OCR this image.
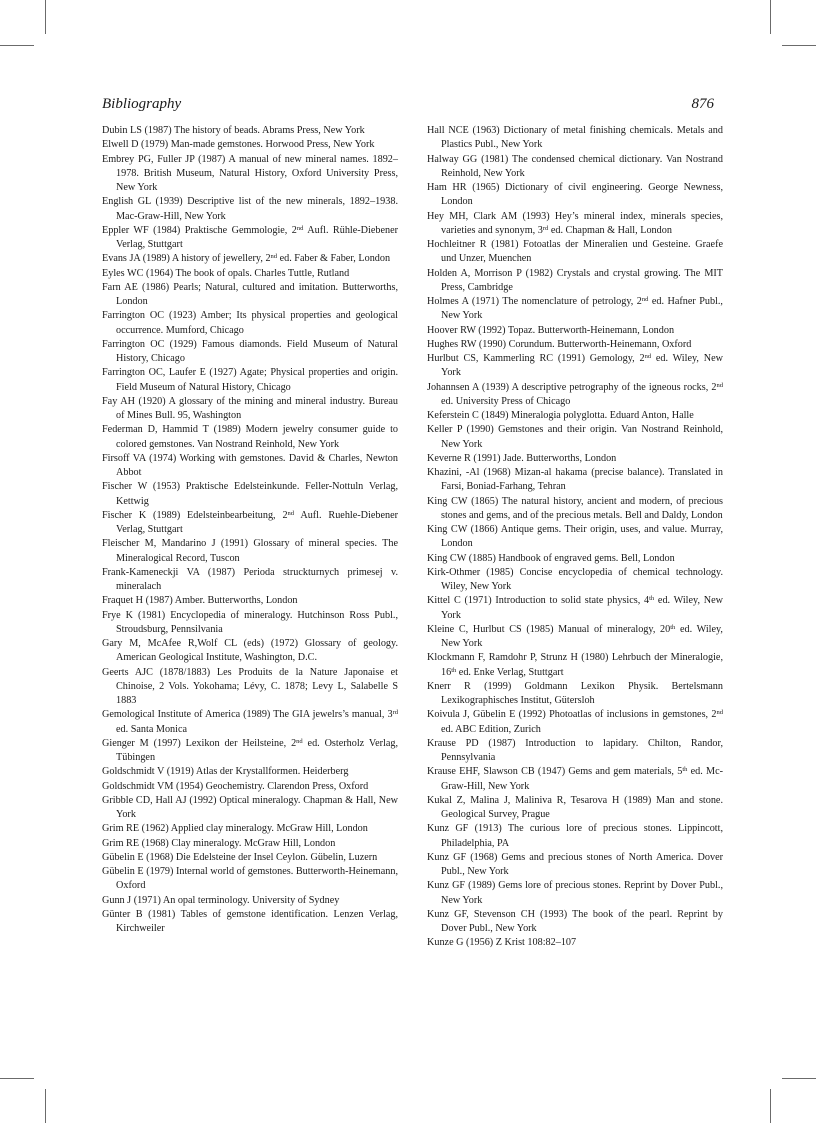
Bibliography	876

Dubin LS (1987) The history of beads. Abrams Press, New York

Elwell D (1979) Man-made gemstones. Horwood Press, New York

Embrey PG, Fuller JP (1987) A manual of new mineral names. 1892–1978. British Museum, Natural History, Oxford University Press, New York

English GL (1939) Descriptive list of the new minerals, 1892–1938. Mac-Graw-Hill, New York

Eppler WF (1984) Praktische Gemmologie, 2nd Aufl. Rühle-Diebener Verlag, Stuttgart

Evans JA (1989) A history of jewellery, 2nd ed. Faber & Faber, London

Eyles WC (1964) The book of opals. Charles Tuttle, Rutland

Farn AE (1986) Pearls; Natural, cultured and imitation. Butterworths, London

Farrington OC (1923) Amber; Its physical properties and geological occurrence. Mumford, Chicago

Farrington OC (1929) Famous diamonds. Field Museum of Natural History, Chicago

Farrington OC, Laufer E (1927) Agate; Physical properties and origin. Field Museum of Natural History, Chicago

Fay AH (1920) A glossary of the mining and mineral industry. Bureau of Mines Bull. 95, Washington

Federman D, Hammid T (1989) Modern jewelry consumer guide to colored gemstones. Van Nostrand Reinhold, New York

Firsoff VA (1974) Working with gemstones. David & Charles, Newton Abbot

Fischer W (1953) Praktische Edelsteinkunde. Feller-Nottuln Verlag, Kettwig

Fischer K (1989) Edelsteinbearbeitung, 2nd Aufl. Ruehle-Diebener Verlag, Stuttgart

Fleischer M, Mandarino J (1991) Glossary of mineral species. The Mineralogical Record, Tuscon

Frank-Kameneckji VA (1987) Perioda struckturnych primesej v. mineralach

Fraquet H (1987) Amber. Butterworths, London

Frye K (1981) Encyclopedia of mineralogy. Hutchinson Ross Publ., Stroudsburg, Pennsilvania

Gary M, McAfee R,Wolf CL (eds) (1972) Glossary of geology. American Geological Institute, Washington, D.C.

Geerts AJC (1878/1883) Les Produits de la Nature Japonaise et Chinoise, 2 Vols. Yokohama; Lévy, C. 1878; Levy L, Salabelle S 1883

Gemological Institute of America (1989) The GIA jewelrs’s manual, 3rd ed. Santa Monica

Gienger M (1997) Lexikon der Heilsteine, 2nd ed. Osterholz Verlag, Tübingen

Goldschmidt V (1919) Atlas der Krystallformen. Heiderberg

Goldschmidt VM (1954) Geochemistry. Clarendon Press, Oxford

Gribble CD, Hall AJ (1992) Optical mineralogy. Chapman & Hall, New York

Grim RE (1962) Applied clay mineralogy. McGraw Hill, London

Grim RE (1968) Clay mineralogy. McGraw Hill, London

Gübelin E (1968) Die Edelsteine der Insel Ceylon. Gübelin, Luzern

Gübelin E (1979) Internal world of gemstones. Butterworth-Heinemann, Oxford

Gunn J (1971) An opal terminology. University of Sydney

Günter B (1981) Tables of gemstone identification. Lenzen Verlag, Kirchweiler

Hall NCE (1963) Dictionary of metal finishing chemicals. Metals and Plastics Publ., New York

Halway GG (1981) The condensed chemical dictionary. Van Nostrand Reinhold, New York

Ham HR (1965) Dictionary of civil engineering. George Newness, London

Hey MH, Clark AM (1993) Hey’s mineral index, minerals species, varieties and synonym, 3rd ed. Chapman & Hall, London

Hochleitner R (1981) Fotoatlas der Mineralien und Gesteine. Graefe und Unzer, Muenchen

Holden A, Morrison P (1982) Crystals and crystal growing. The MIT Press, Cambridge

Holmes A (1971) The nomenclature of petrology, 2nd ed. Hafner Publ., New York

Hoover RW (1992) Topaz. Butterworth-Heinemann, London

Hughes RW (1990) Corundum. Butterworth-Heinemann, Oxford

Hurlbut CS, Kammerling RC (1991) Gemology, 2nd ed. Wiley, New York

Johannsen A (1939) A descriptive petrography of the igneous rocks, 2nd ed. University Press of Chicago

Keferstein C (1849) Mineralogia polyglotta. Eduard Anton, Halle

Keller P (1990) Gemstones and their origin. Van Nostrand Reinhold, New York

Keverne R (1991) Jade. Butterworths, London

Khazini, -Al (1968) Mizan-al hakama (precise balance). Translated in Farsi, Boniad-Farhang, Tehran

King CW (1865) The natural history, ancient and modern, of precious stones and gems, and of the precious metals. Bell and Daldy, London

King CW (1866) Antique gems. Their origin, uses, and value. Murray, London

King CW (1885) Handbook of engraved gems. Bell, London

Kirk-Othmer (1985) Concise encyclopedia of chemical technology. Wiley, New York

Kittel C (1971) Introduction to solid state physics, 4th ed. Wiley, New York

Kleine C, Hurlbut CS (1985) Manual of mineralogy, 20th ed. Wiley, New York

Klockmann F, Ramdohr P, Strunz H (1980) Lehrbuch der Mineralogie, 16th ed. Enke Verlag, Stuttgart

Knerr R (1999) Goldmann Lexikon Physik. Bertelsmann Lexikographisches Institut, Gütersloh

Koivula J, Gübelin E (1992) Photoatlas of inclusions in gemstones, 2nd ed. ABC Edition, Zurich

Krause PD (1987) Introduction to lapidary. Chilton, Randor, Pennsylvania

Krause EHF, Slawson CB (1947) Gems and gem materials, 5th ed. Mc-Graw-Hill, New York

Kukal Z, Malina J, Maliniva R, Tesarova H (1989) Man and stone. Geological Survey, Prague

Kunz GF (1913) The curious lore of precious stones. Lippincott, Philadelphia, PA

Kunz GF (1968) Gems and precious stones of North America. Dover Publ., New York

Kunz GF (1989) Gems lore of precious stones. Reprint by Dover Publ., New York

Kunz GF, Stevenson CH (1993) The book of the pearl. Reprint by Dover Publ., New York

Kunze G (1956) Z Krist 108:82–107
